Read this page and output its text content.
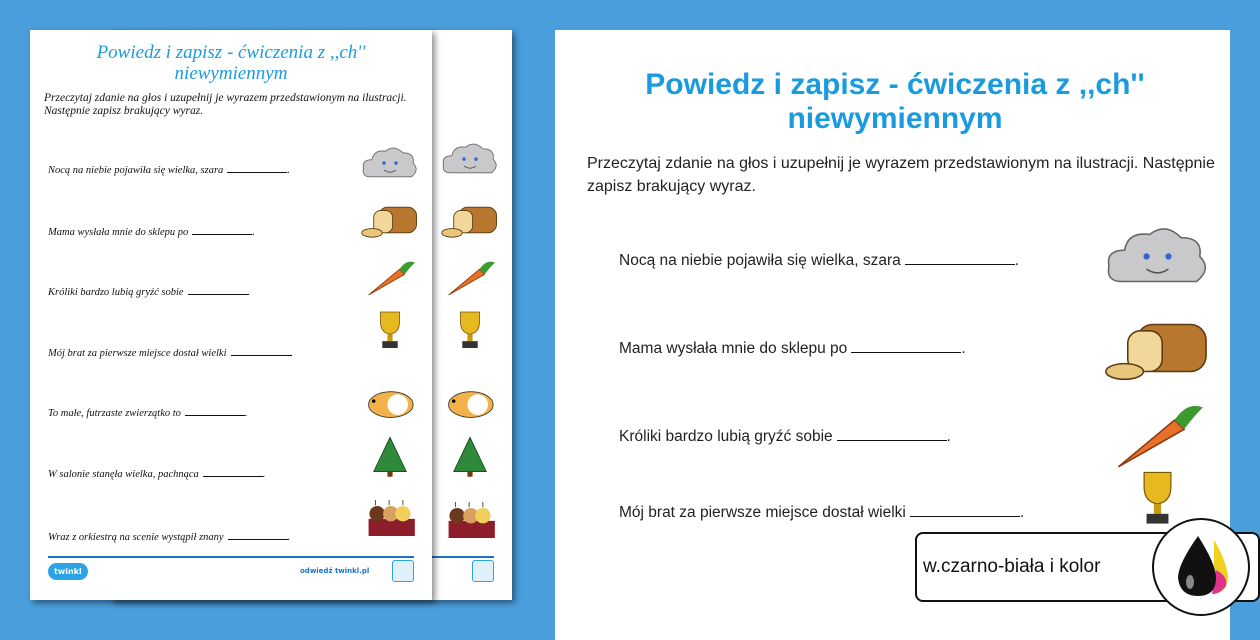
Powiedz i zapisz - ćwiczenia z ,,ch'' niewymiennym
Przeczytaj zdanie na głos i uzupełnij je wyrazem przedstawionym na ilustracji. Następnie zapisz brakujący wyraz.
Nocą na niebie pojawiła się wielka, szara	.
Mama wysłała mnie do sklepu po	.
Króliki bardzo lubią gryźć sobie	.
Mój brat za pierwsze miejsce dostał wielki	.
To małe, futrzaste zwierzątko to	.
W salonie stanęła wielka, pachnąca	.
Wraz z orkiestrą na scenie wystąpił znany	.
twinkl	odwiedź twinkl.pl
Powiedz i zapisz - ćwiczenia z ,,ch'' niewymiennym
Przeczytaj zdanie na głos i uzupełnij je wyrazem przedstawionym na ilustracji. Następnie zapisz brakujący wyraz.
Nocą na niebie pojawiła się wielka, szara	.
Mama wysłała mnie do sklepu po	.
Króliki bardzo lubią gryźć sobie	.
Mój brat za pierwsze miejsce dostał wielki	.
w.czarno-biała i kolor
